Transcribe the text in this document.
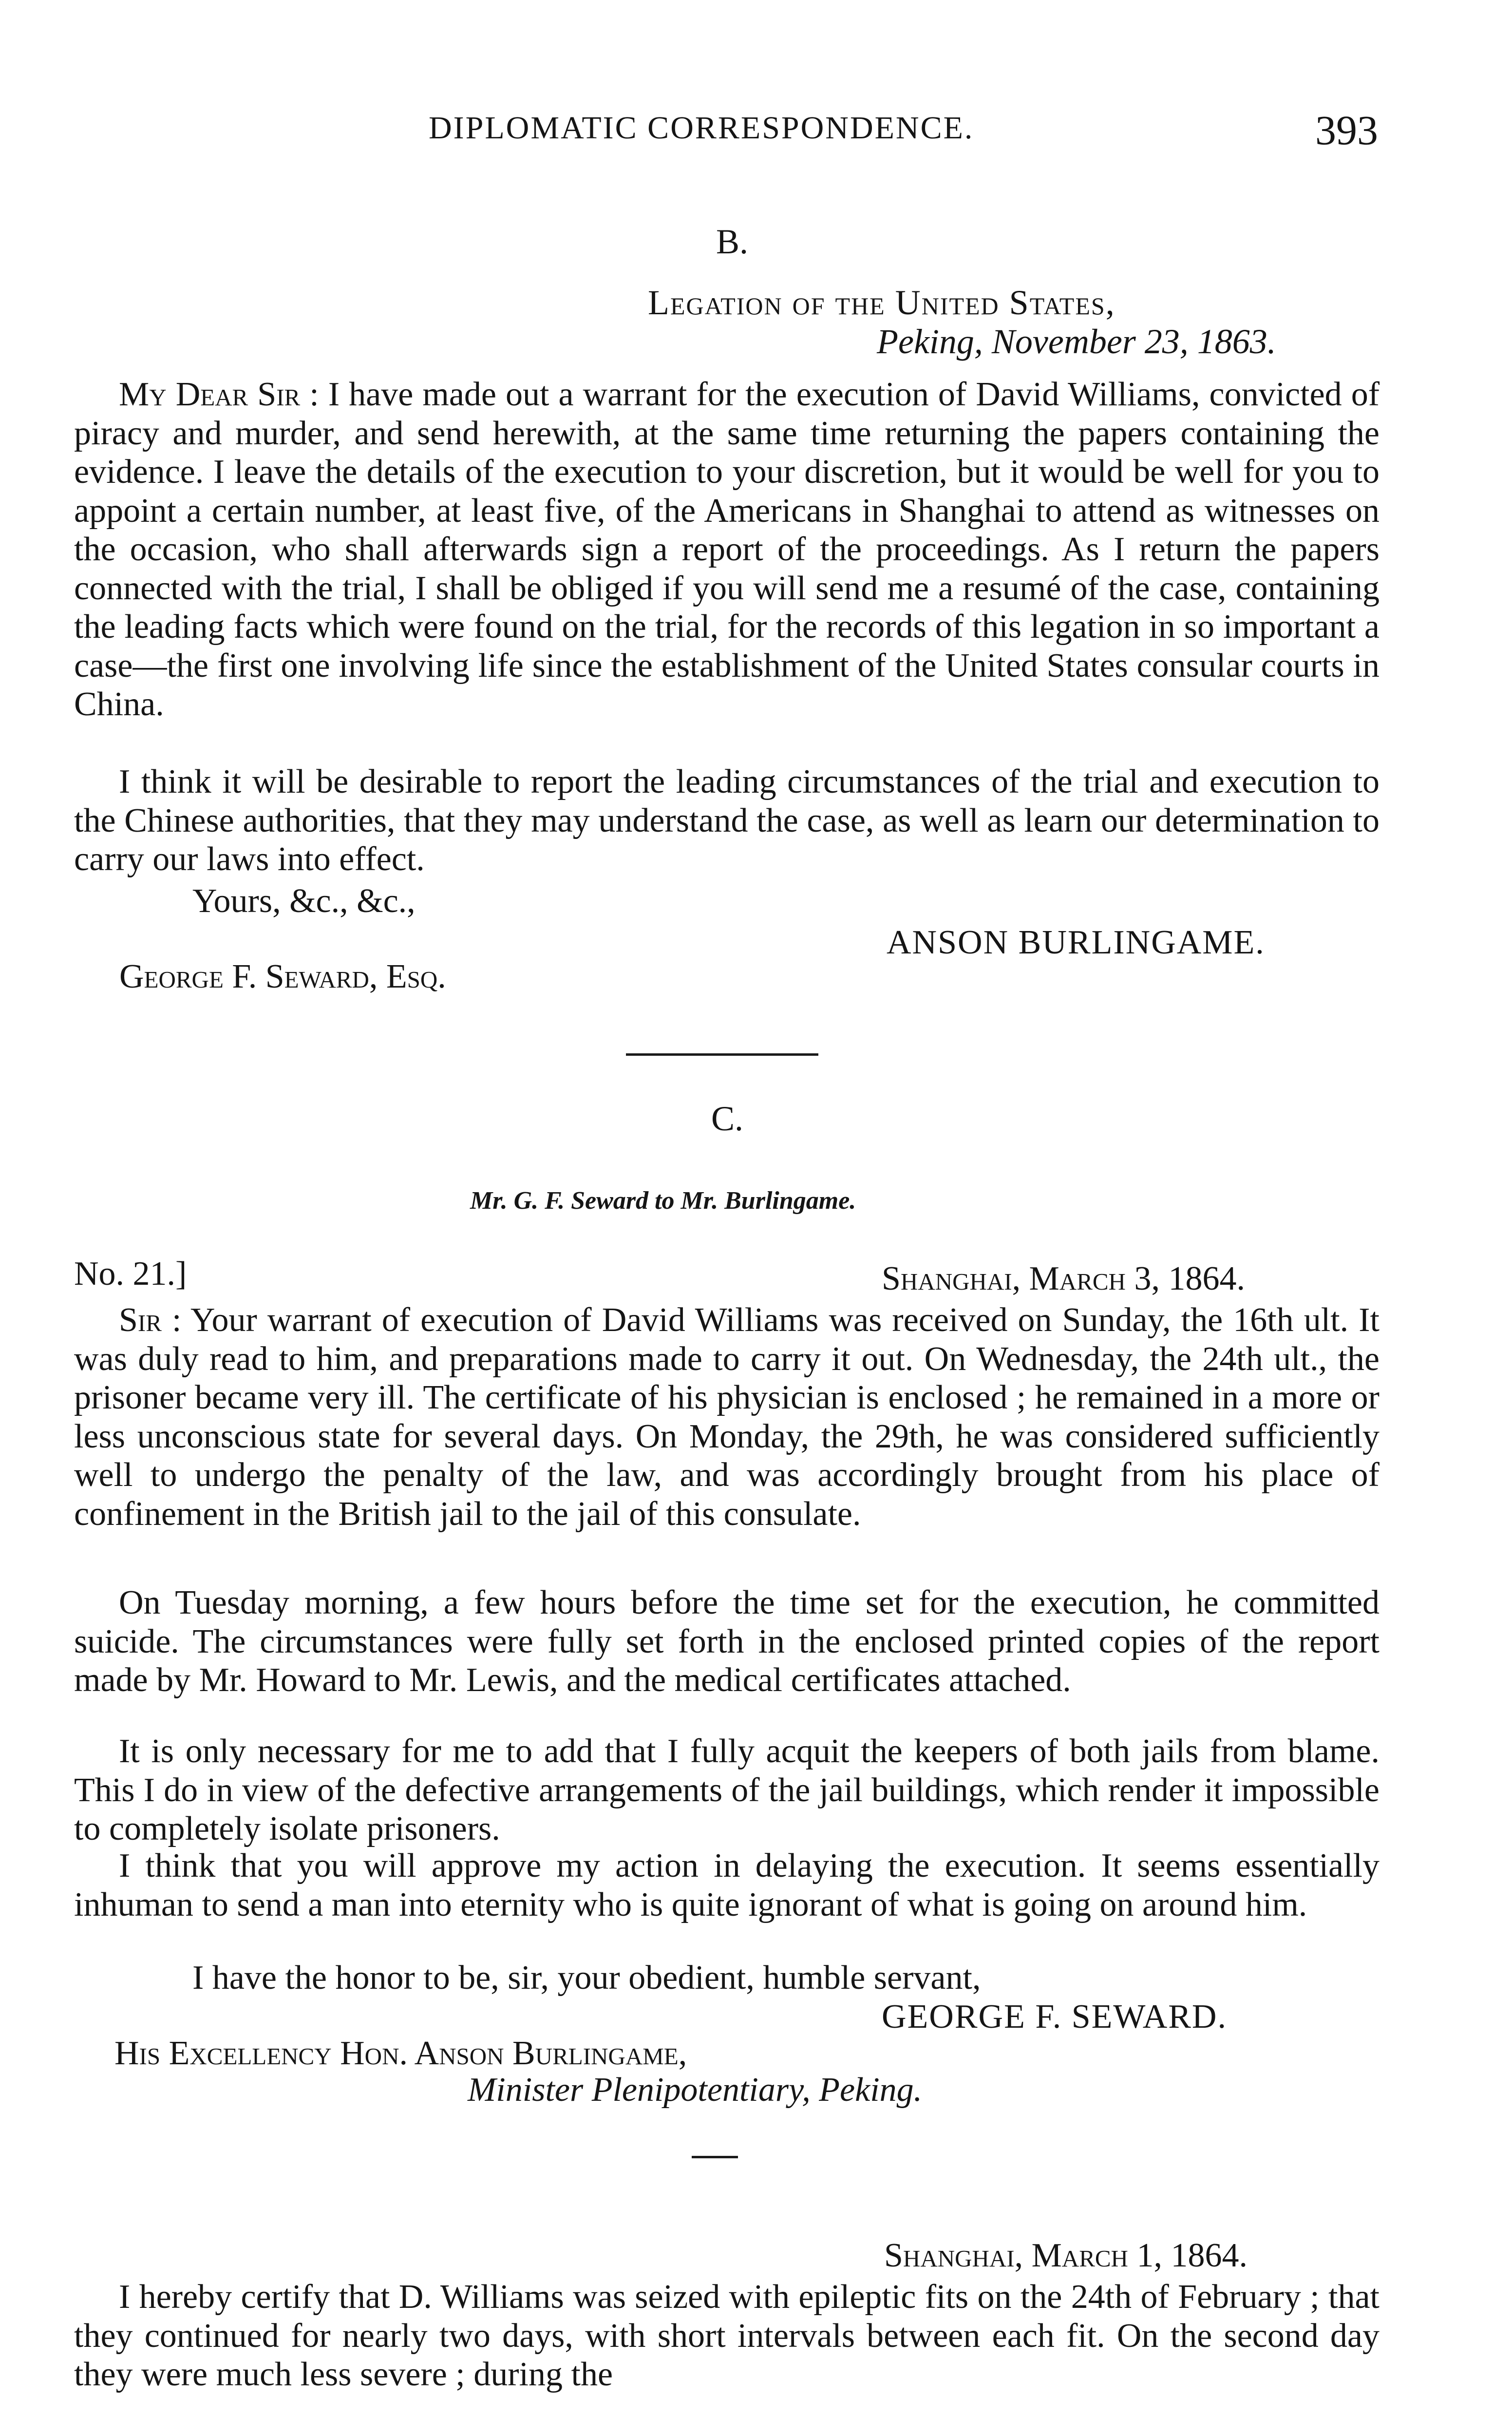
DIPLOMATIC CORRESPONDENCE.	393
B.
Legation of the United States,
Peking, November 23, 1863.

My Dear Sir : I have made out a warrant for the execution of David Williams, convicted of piracy and murder, and send herewith, at the same time returning the papers containing the evidence. I leave the details of the execution to your discretion, but it would be well for you to appoint a certain number, at least five, of the Americans in Shanghai to attend as witnesses on the occasion, who shall afterwards sign a report of the proceedings. As I return the papers connected with the trial, I shall be obliged if you will send me a resumé of the case, containing the leading facts which were found on the trial, for the records of this legation in so important a case—the first one involving life since the establishment of the United States consular courts in China.

I think it will be desirable to report the leading circumstances of the trial and execution to the Chinese authorities, that they may understand the case, as well as learn our determination to carry our laws into effect.

Yours, &c., &c.,
ANSON BURLINGAME.
George F. Seward, Esq.
C.
Mr. G. F. Seward to Mr. Burlingame.
No. 21.]	Shanghai, March 3, 1864.

Sir : Your warrant of execution of David Williams was received on Sunday, the 16th ult. It was duly read to him, and preparations made to carry it out. On Wednesday, the 24th ult., the prisoner became very ill. The certificate of his physician is enclosed ; he remained in a more or less unconscious state for several days. On Monday, the 29th, he was considered sufficiently well to undergo the penalty of the law, and was accordingly brought from his place of confinement in the British jail to the jail of this consulate.

On Tuesday morning, a few hours before the time set for the execution, he committed suicide. The circumstances were fully set forth in the enclosed printed copies of the report made by Mr. Howard to Mr. Lewis, and the medical certificates attached.

It is only necessary for me to add that I fully acquit the keepers of both jails from blame. This I do in view of the defective arrangements of the jail buildings, which render it impossible to completely isolate prisoners.

I think that you will approve my action in delaying the execution. It seems essentially inhuman to send a man into eternity who is quite ignorant of what is going on around him.

I have the honor to be, sir, your obedient, humble servant,
GEORGE F. SEWARD.
His Excellency Hon. Anson Burlingame,
Minister Plenipotentiary, Peking.
Shanghai, March 1, 1864.

I hereby certify that D. Williams was seized with epileptic fits on the 24th of February ; that they continued for nearly two days, with short intervals between each fit. On the second day they were much less severe ; during the
